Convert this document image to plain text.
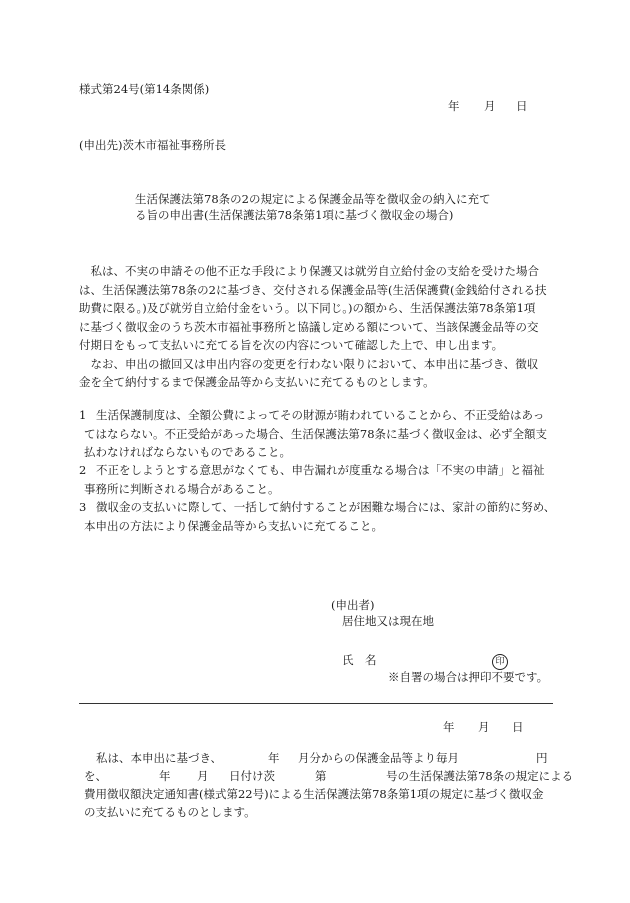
様式第24号(第14条関係)
年 月 日
(申出先)茨木市福祉事務所長
生活保護法第78条の2の規定による保護金品等を徴収金の納入に充て
る旨の申出書(生活保護法第78条第1項に基づく徴収金の場合)
　私は、不実の申請その他不正な手段により保護又は就労自立給付金の支給を受けた場合
は、生活保護法第78条の2に基づき、交付される保護金品等(生活保護費(金銭給付される扶
助費に限る。)及び就労自立給付金をいう。以下同じ。)の額から、生活保護法第78条第1項
に基づく徴収金のうち茨木市福祉事務所と協議し定める額について、当該保護金品等の交
付期日をもって支払いに充てる旨を次の内容について確認した上で、申し出ます。
　なお、申出の撤回又は申出内容の変更を行わない限りにおいて、本申出に基づき、徴収
金を全て納付するまで保護金品等から支払いに充てるものとします。
1 生活保護制度は、全額公費によってその財源が賄われていることから、不正受給はあっ
てはならない。不正受給があった場合、生活保護法第78条に基づく徴収金は、必ず全額支
払わなければならないものであること。
2 不正をしようとする意思がなくても、申告漏れが度重なる場合は「不実の申請」と福祉
事務所に判断される場合があること。
3 徴収金の支払いに際して、一括して納付することが困難な場合には、家計の節約に努め、
本申出の方法により保護金品等から支払いに充てること。
(申出者)
居住地又は現在地
氏　名	印
※自署の場合は押印不要です。
年 月 日
私は、本申出に基づき、	年 月分からの保護金品等より毎月	円
を、	年 月 日付け茨	第	号の生活保護法第78条の規定による
費用徴収額決定通知書(様式第22号)による生活保護法第78条第1項の規定に基づく徴収金
の支払いに充てるものとします。
